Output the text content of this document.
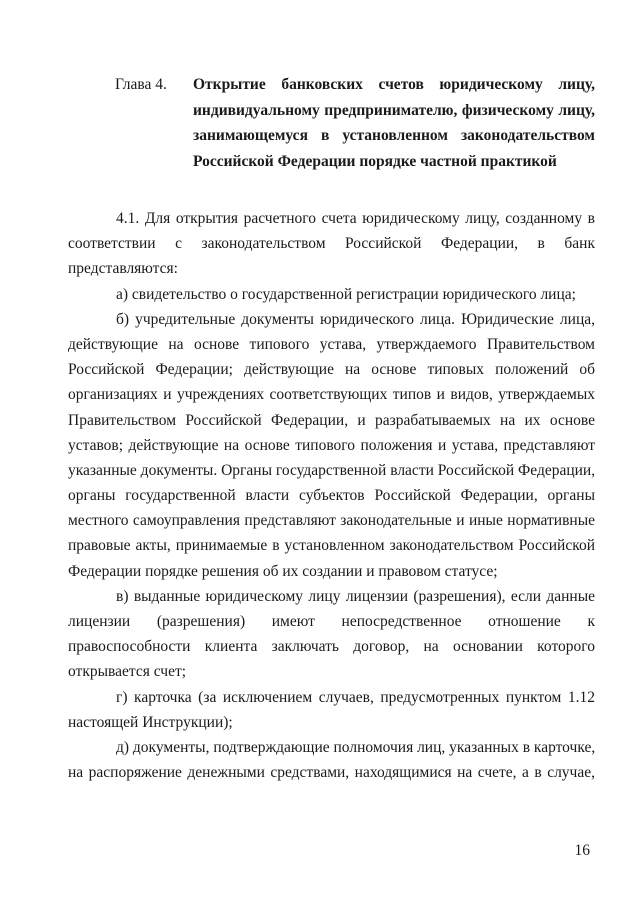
Глава 4. Открытие банковских счетов юридическому лицу,
индивидуальному предпринимателю, физическому лицу,
занимающемуся в установленном законодательством
Российской Федерации порядке частной практикой
4.1. Для открытия расчетного счета юридическому лицу, созданному в
соответствии с законодательством Российской Федерации, в банк
представляются:
а) свидетельство о государственной регистрации юридического лица;
б) учредительные документы юридического лица. Юридические лица,
действующие на основе типового устава, утверждаемого Правительством
Российской Федерации; действующие на основе типовых положений об
организациях и учреждениях соответствующих типов и видов, утверждаемых
Правительством Российской Федерации, и разрабатываемых на их основе
уставов; действующие на основе типового положения и устава, представляют
указанные документы. Органы государственной власти Российской Федерации,
органы государственной власти субъектов Российской Федерации, органы
местного самоуправления представляют законодательные и иные нормативные
правовые акты, принимаемые в установленном законодательством Российской
Федерации порядке решения об их создании и правовом статусе;
в) выданные юридическому лицу лицензии (разрешения), если данные
лицензии (разрешения) имеют непосредственное отношение к
правоспособности клиента заключать договор, на основании которого
открывается счет;
г) карточка (за исключением случаев, предусмотренных пунктом 1.12
настоящей Инструкции);
д) документы, подтверждающие полномочия лиц, указанных в карточке,
на распоряжение денежными средствами, находящимися на счете, а в случае,
16
